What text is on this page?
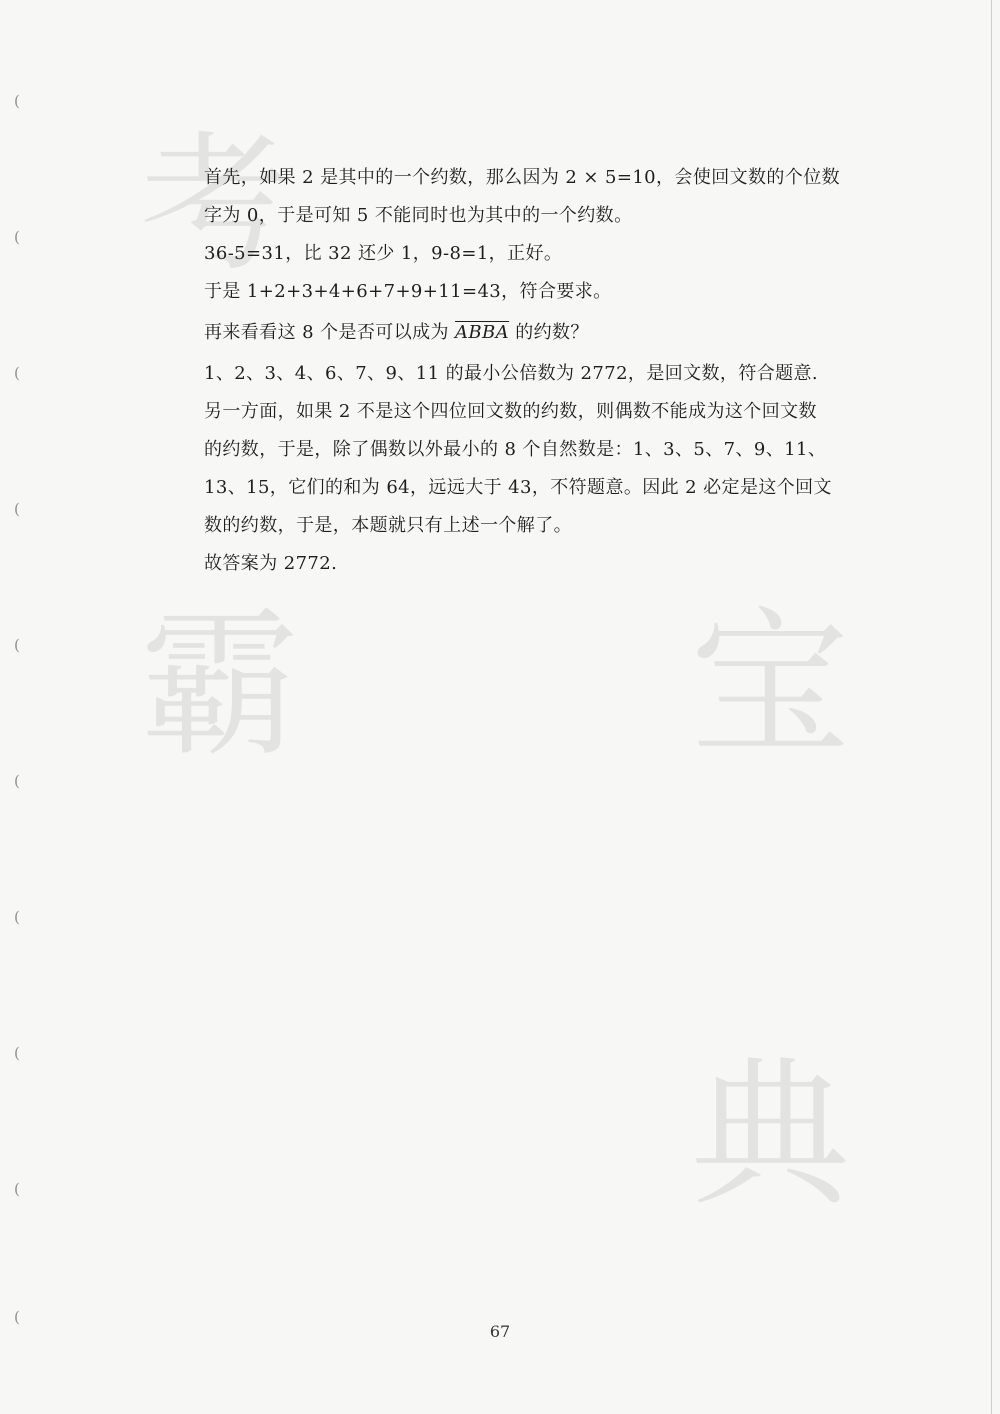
(
(
(
(
(
(
(
(
(
(
考
霸 宝
典
首先，如果 2 是其中的一个约数，那么因为 2 × 5=10，会使回文数的个位数
字为 0，于是可知 5 不能同时也为其中的一个约数。
36-5=31，比 32 还少 1，9-8=1，正好。
于是 1+2+3+4+6+7+9+11=43，符合要求。
再来看看这 8 个是否可以成为 ABBA 的约数？
1、2、3、4、6、7、9、11 的最小公倍数为 2772，是回文数，符合题意.
另一方面，如果 2 不是这个四位回文数的约数，则偶数不能成为这个回文数
的约数，于是，除了偶数以外最小的 8 个自然数是：1、3、5、7、9、11、
13、15，它们的和为 64，远远大于 43，不符题意。因此 2 必定是这个回文
数的约数，于是，本题就只有上述一个解了。
故答案为 2772.
67
